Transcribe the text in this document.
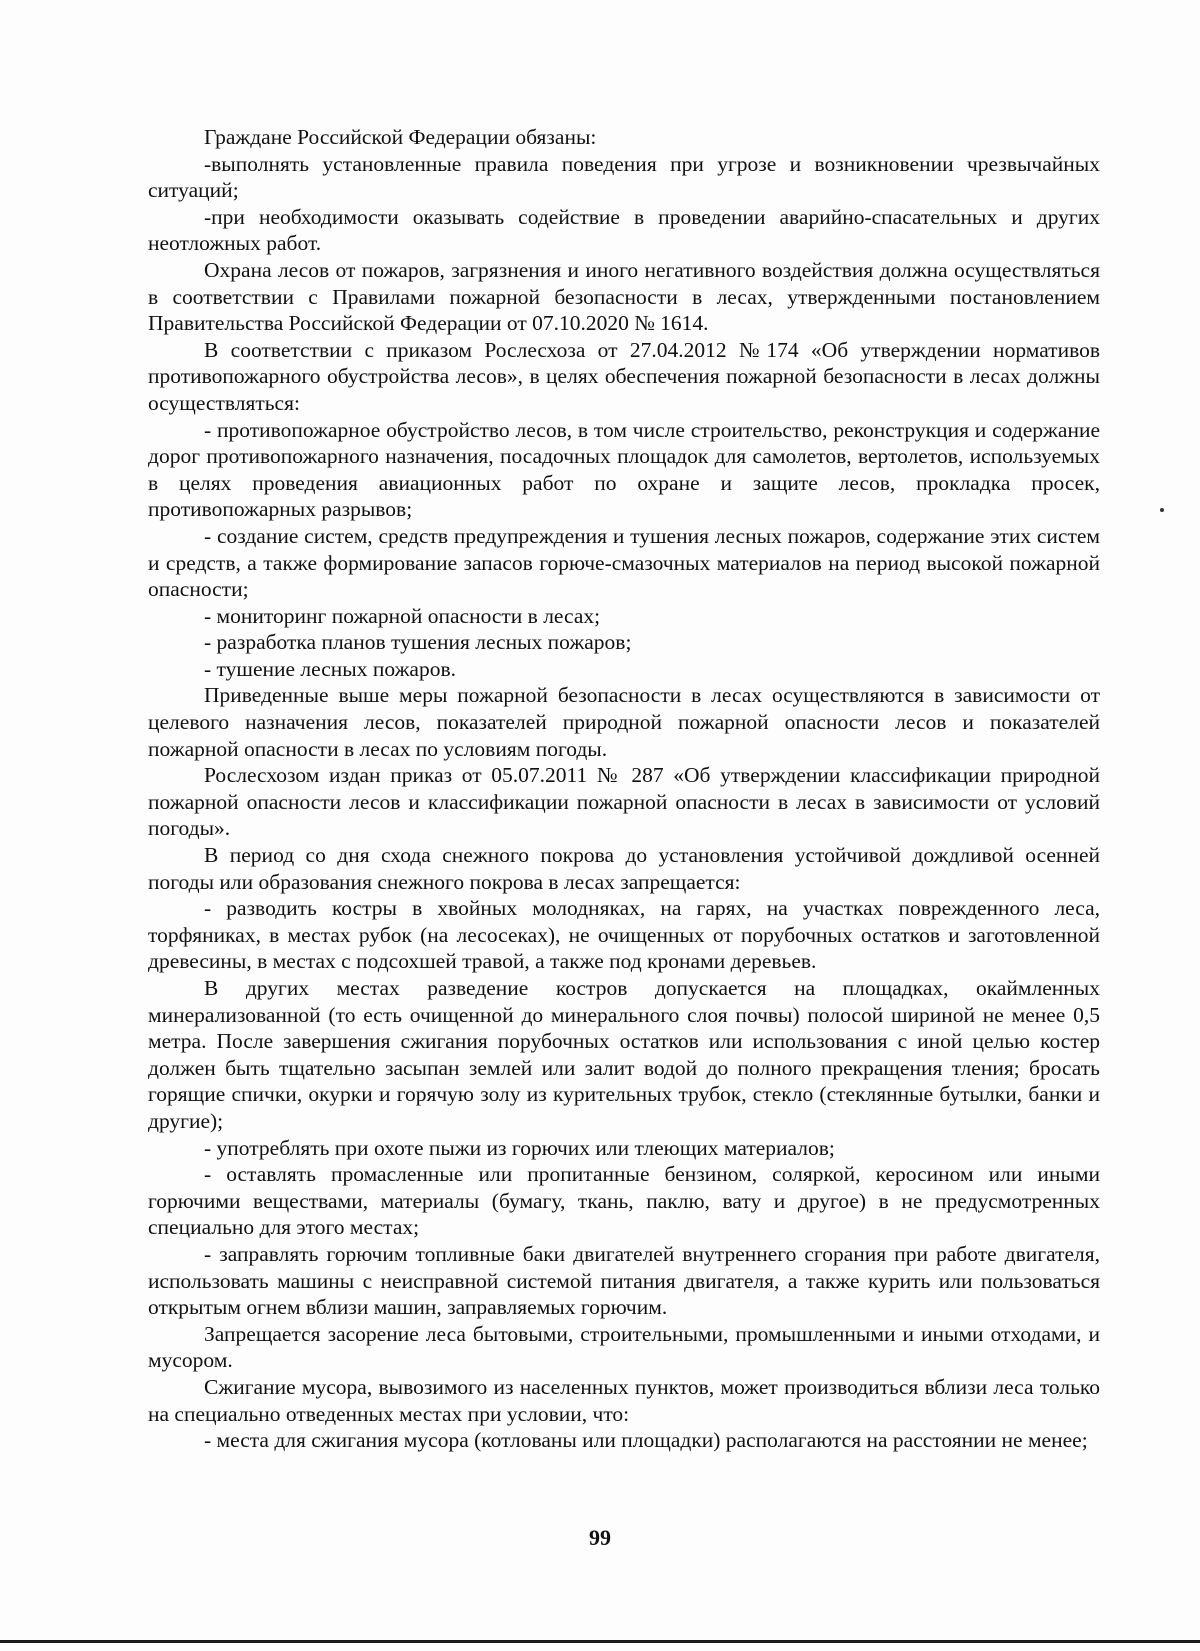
Граждане Российской Федерации обязаны:

-выполнять установленные правила поведения при угрозе и возникновении чрезвычайных ситуаций;

-при необходимости оказывать содействие в проведении аварийно-спасательных и других неотложных работ.

Охрана лесов от пожаров, загрязнения и иного негативного воздействия должна осуществляться в соответствии с Правилами пожарной безопасности в лесах, утвержденными постановлением Правительства Российской Федерации от 07.10.2020 № 1614.

В соответствии с приказом Рослесхоза от 27.04.2012 №174 «Об утверждении нормативов противопожарного обустройства лесов», в целях обеспечения пожарной безопасности в лесах должны осуществляться:

- противопожарное обустройство лесов, в том числе строительство, реконструкция и содержание дорог противопожарного назначения, посадочных площадок для самолетов, вертолетов, используемых в целях проведения авиационных работ по охране и защите лесов, прокладка просек, противопожарных разрывов;

- создание систем, средств предупреждения и тушения лесных пожаров, содержание этих систем и средств, а также формирование запасов горюче-смазочных материалов на период высокой пожарной опасности;

- мониторинг пожарной опасности в лесах;

- разработка планов тушения лесных пожаров;

- тушение лесных пожаров.

Приведенные выше меры пожарной безопасности в лесах осуществляются в зависимости от целевого назначения лесов, показателей природной пожарной опасности лесов и показателей пожарной опасности в лесах по условиям погоды.

Рослесхозом издан приказ от 05.07.2011 № 287 «Об утверждении классификации природной пожарной опасности лесов и классификации пожарной опасности в лесах в зависимости от условий погоды».

В период со дня схода снежного покрова до установления устойчивой дождливой осенней погоды или образования снежного покрова в лесах запрещается:

- разводить костры в хвойных молодняках, на гарях, на участках поврежденного леса, торфяниках, в местах рубок (на лесосеках), не очищенных от порубочных остатков и заготовленной древесины, в местах с подсохшей травой, а также под кронами деревьев.

В других местах разведение костров допускается на площадках, окаймленных минерализованной (то есть очищенной до минерального слоя почвы) полосой шириной не менее 0,5 метра. После завершения сжигания порубочных остатков или использования с иной целью костер должен быть тщательно засыпан землей или залит водой до полного прекращения тления; бросать горящие спички, окурки и горячую золу из курительных трубок, стекло (стеклянные бутылки, банки и другие);

- употреблять при охоте пыжи из горючих или тлеющих материалов;

- оставлять промасленные или пропитанные бензином, соляркой, керосином или иными горючими веществами, материалы (бумагу, ткань, паклю, вату и другое) в не предусмотренных специально для этого местах;

- заправлять горючим топливные баки двигателей внутреннего сгорания при работе двигателя, использовать машины с неисправной системой питания двигателя, а также курить или пользоваться открытым огнем вблизи машин, заправляемых горючим.

Запрещается засорение леса бытовыми, строительными, промышленными и иными отходами, и мусором.

Сжигание мусора, вывозимого из населенных пунктов, может производиться вблизи леса только на специально отведенных местах при условии, что:

- места для сжигания мусора (котлованы или площадки) располагаются на расстоянии не менее;

99
